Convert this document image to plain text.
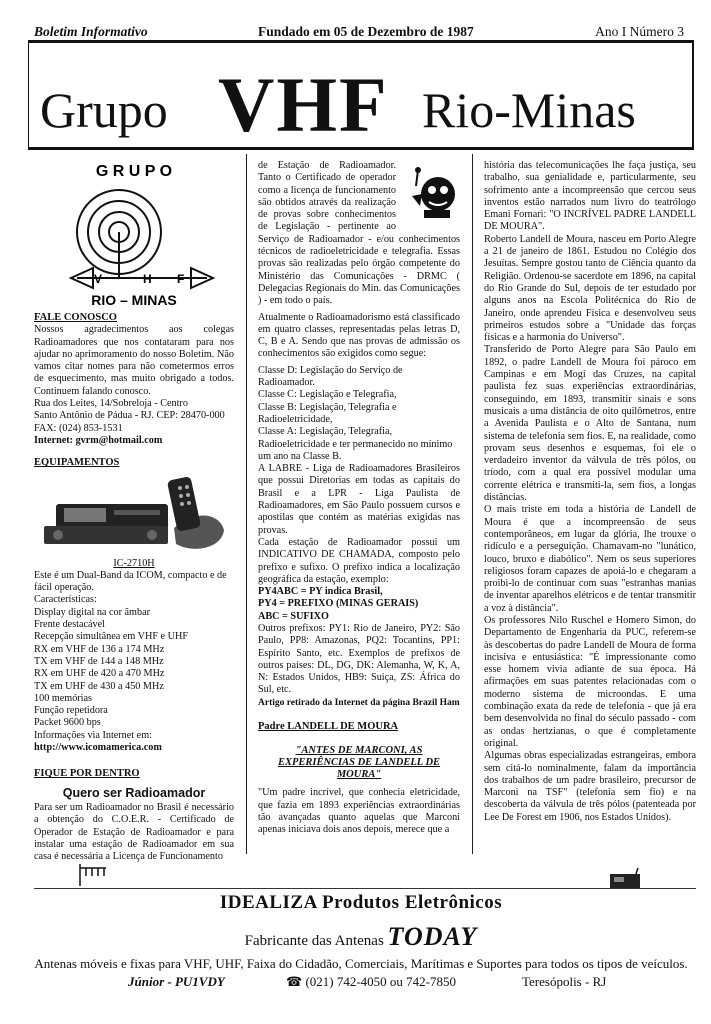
Boletim Informativo	Fundado em 05 de Dezembro de 1987	Ano I Número 3
Grupo VHF Rio-Minas
G R U P O
V	H F
RIO – MINAS
FALE CONOSCO

Nossos agradecimentos aos colegas Radioamadores que nos contataram para nos ajudar no aprimoramento do nosso Boletim. Não vamos citar nomes para não cometermos erros de esquecimento, mas muito obrigado a todos. Continuem falando conosco.

Rua dos Leites, 14/Sobreloja - Centro

Santo Antônio de Pádua - RJ. CEP: 28470-000

FAX: (024) 853-1531

Internet: gvrm@hotmail.com

EQUIPAMENTOS

IC-2710H

Este é um Dual-Band da ICOM, compacto e de fácil operação.

Características:

Display digital na cor âmbar

Frente destacável

Recepção simultânea em VHF e UHF

RX em VHF de 136 a 174 MHz

TX em VHF de 144 a 148 MHz

RX em UHF de 420 a 470 MHz

TX em UHF de 430 a 450 MHz

100 memórias

Função repetidora

Packet 9600 bps

Informações via Internet em:

http://www.icomamerica.com

FIQUE POR DENTRO
Quero ser Radioamador

Para ser um Radioamador no Brasil é necessário a obtenção do C.O.E.R. - Certificado de Operador de Estação de Radioamador e para instalar uma estação de Radioamador em sua casa é necessária a Licença de Funcionamento

de Estação de Radioamador. Tanto o Certificado de operador como a licença de funcionamento são obtidos através da realização de provas sobre conhecimentos de Legislação - pertinente ao Serviço de Radioamador - e/ou conhecimentos técnicos de radioeletricidade e telegrafia. Essas provas são realizadas pelo órgão competente do Ministério das Comunicações - DRMC ( Delegacias Regionais do Min. das Comunicações ) - em todo o país.

Atualmente o Radioamadorismo está classificado em quatro classes, representadas pelas letras D, C, B e A. Sendo que nas provas de admissão os conhecimentos são exigidos como segue:

Classe D: Legislação do Serviço de Radioamador.

Classe C: Legislação e Telegrafia,

Classe B: Legislação, Telegrafia e Radioeletricidade,

Classe A: Legislação, Telegrafia, Radioeletricidade e ter permanecido no mínimo um ano na Classe B.

A LABRE - Liga de Radioamadores Brasileiros que possui Diretorias em todas as capitais do Brasil e a LPR - Liga Paulista de Radioamadores, em São Paulo possuem cursos e apostilas que contém as matérias exigidas nas provas.

Cada estação de Radioamador possui um INDICATIVO DE CHAMADA, composto pelo prefixo e sufixo. O prefixo indica a localização geográfica da estação, exemplo:

PY4ABC = PY indica Brasil,

PY4 = PREFIXO (MINAS GERAIS)

ABC = SUFIXO

Outros prefixos: PY1: Rio de Janeiro, PY2: São Paulo, PP8: Amazonas, PQ2: Tocantins, PP1: Espírito Santo, etc. Exemplos de prefixos de outros países: DL, DG, DK: Alemanha, W, K, A, N: Estados Unidos, HB9: Suiça, ZS: África do Sul, etc.

Artigo retirado da Internet da página Brazil Ham

Padre LANDELL DE MOURA
"ANTES DE MARCONI, AS EXPERIÊNCIAS DE LANDELL DE MOURA"

"Um padre incrível, que conhecia eletricidade, que fazia em 1893 experiências extraordinárias tão avançadas quanto aquelas que Marconi apenas iniciava dois anos depois, merece que a

história das telecomunicações lhe faça justiça, seu trabalho, sua genialidade e, particularmente, seu sofrimento ante a incompreensão que cercou seus inventos estão narrados num livro do teatrólogo Emani Fornari: "O INCRÍVEL PADRE LANDELL DE MOURA".

Roberto Landell de Moura, nasceu em Porto Alegre a 21 de janeiro de 1861. Estudou no Colégio dos Jesuítas. Sempre gostou tanto de Ciência quanto da Religião. Ordenou-se sacerdote em 1896, na capital do Rio Grande do Sul, depois de ter estudado por alguns anos na Escola Politécnica do Rio de Janeiro, onde aprendeu Física e desenvolveu seus primeiros estudos sobre a "Unidade das forças físicas e a harmonia do Universo".

Transferido de Porto Alegre para São Paulo em 1892, o padre Landell de Moura foi pároco em Campinas e em Mogi das Cruzes, na capital paulista fez suas experiências extraordinárias, conseguindo, em 1893, transmitir sinais e sons musicais a uma distância de oito quilômetros, entre a Avenida Paulista e o Alto de Santana, num sistema de telefonia sem fios. E, na realidade, como provam seus desenhos e esquemas, foi ele o verdadeiro inventor da válvula de três pólos, ou tríodo, com a qual era possível modular uma corrente elétrica e transmiti-la, sem fios, a longas distâncias.

O mais triste em toda a história de Landell de Moura é que a incompreensão de seus contemporâneos, em lugar da glória, lhe trouxe o ridículo e a perseguição. Chamavam-no "lunático, louco, bruxo e diabólico". Nem os seus superiores religiosos foram capazes de apoiá-lo e chegaram a proibi-lo de continuar com suas "estranhas manias de inventar aparelhos elétricos e de tentar transmitir a voz à distância".

Os professores Nilo Ruschel e Homero Simon, do Departamento de Engenharia da PUC, referem-se às descobertas do padre Landell de Moura de forma incisiva e entusiástica: "É impressionante como esse homem vivia adiante de sua época. Há afirmações em suas patentes relacionadas com o moderno sistema de microondas. E uma combinação exata da rede de telefonia - que já era bem desenvolvida no final do século passado - com as ondas hertzianas, o que é completamente original.

Algumas obras especializadas estrangeiras, embora sem citá-lo nominalmente, falam da importância dos trabalhos de um padre brasileiro, precursor de Marconi na TSF" (telefonia sem fio) e na descoberta da válvula de três pólos (patenteada por Lee De Forest em 1906, nos Estados Unidos).

IDEALIZA Produtos Eletrônicos
Fabricante das Antenas TODAY
Antenas móveis e fixas para VHF, UHF, Faixa do Cidadão, Comerciais, Marítimas e Suportes para todos os tipos de veículos.
Júnior - PU1VDY	☎ (021) 742-4050 ou 742-7850	Teresópolis - RJ
